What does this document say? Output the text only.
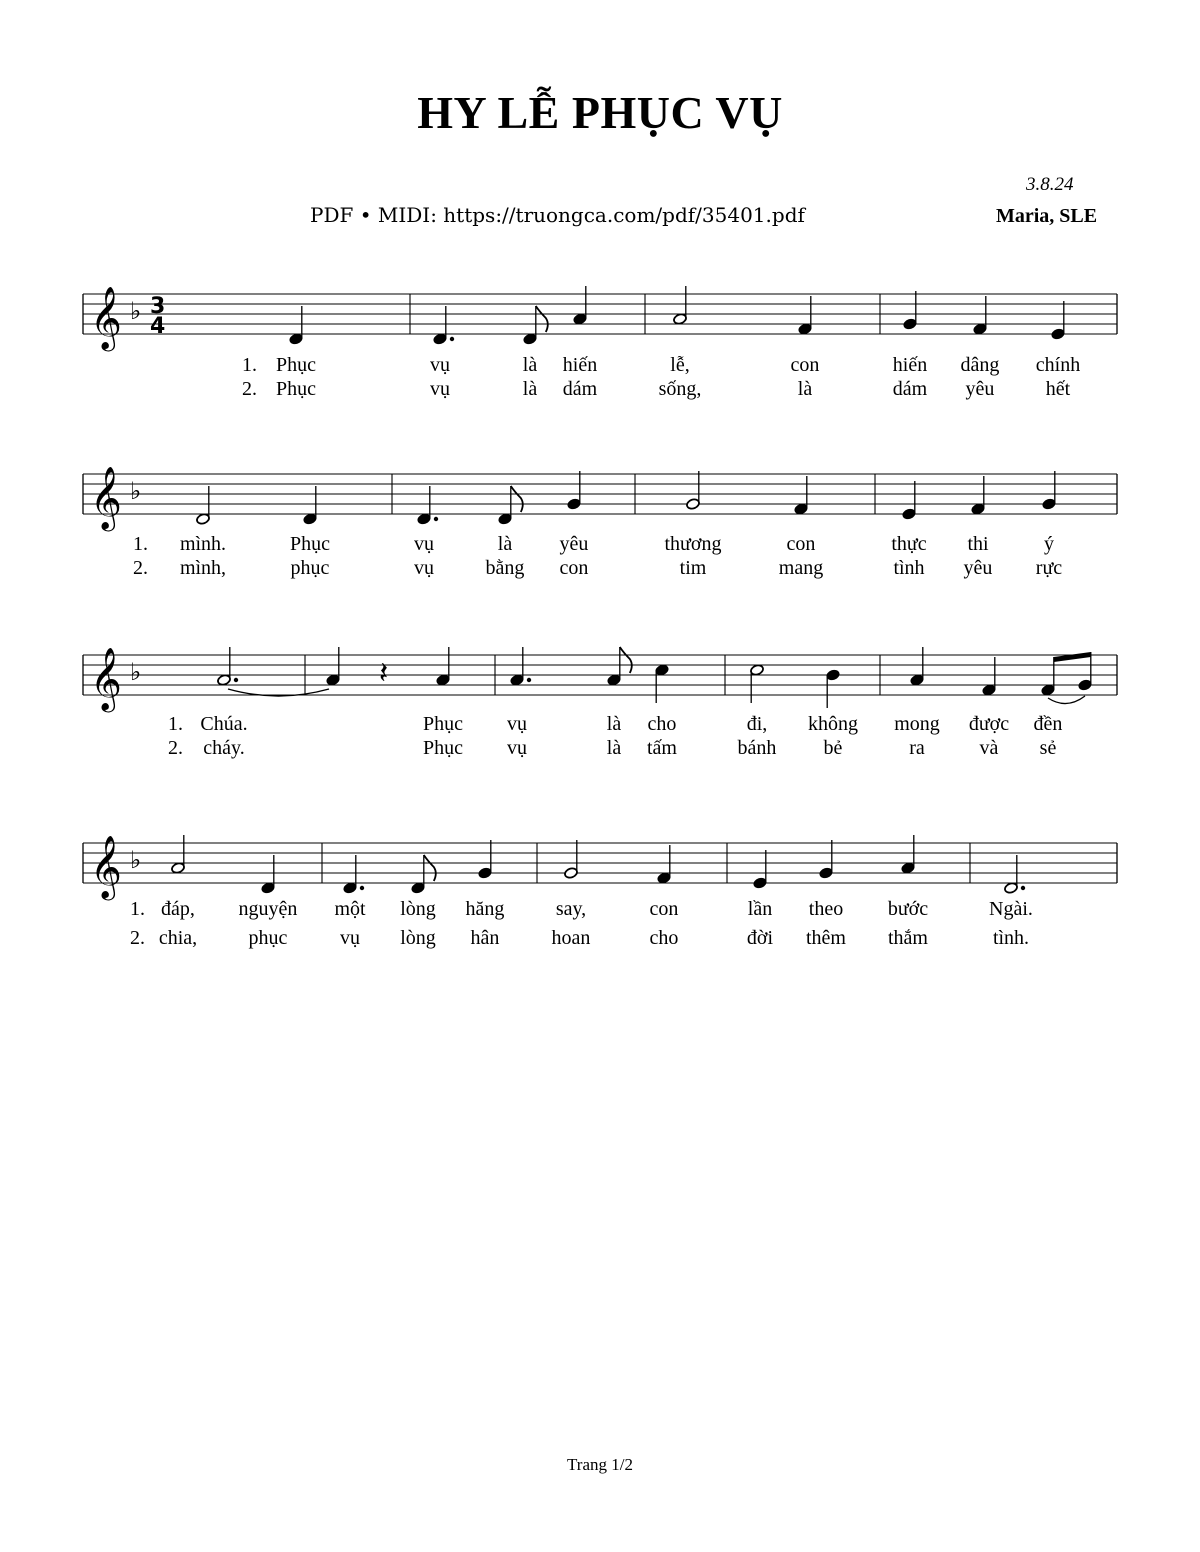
HY LỄ PHỤC VỤ
3.8.24
PDF • MIDI: https://truongca.com/pdf/35401.pdf	Maria, SLE
𝄞 ♭ 3
4
1.
2.
Phục
Phục
vụ
vụ
là
là
hiến
dám
lễ,
sống,
con
là
hiến
dám
dâng
yêu
chính
hết
𝄞 ♭
1.
2.
mình.
mình,
Phục
phục
vụ
vụ
là
bằng
yêu
con
thương
tim
con
mang
thực
tình
thi
yêu
ý
rực
𝄞 ♭
1.
2.
Chúa.
cháy.
𝄽
Phục
Phục
vụ
vụ
là
là
cho
tấm
đi,
bánh
không
bẻ
mong
ra
được
và
đền
sẻ
𝄞 ♭
1.
2.
đáp,
chia,
nguyện
phục
một
vụ
lòng
lòng
hăng
hân
say,
hoan
con
cho
lần
đời
theo
thêm
bước
thắm
Ngài.
tình.
Trang 1/2
